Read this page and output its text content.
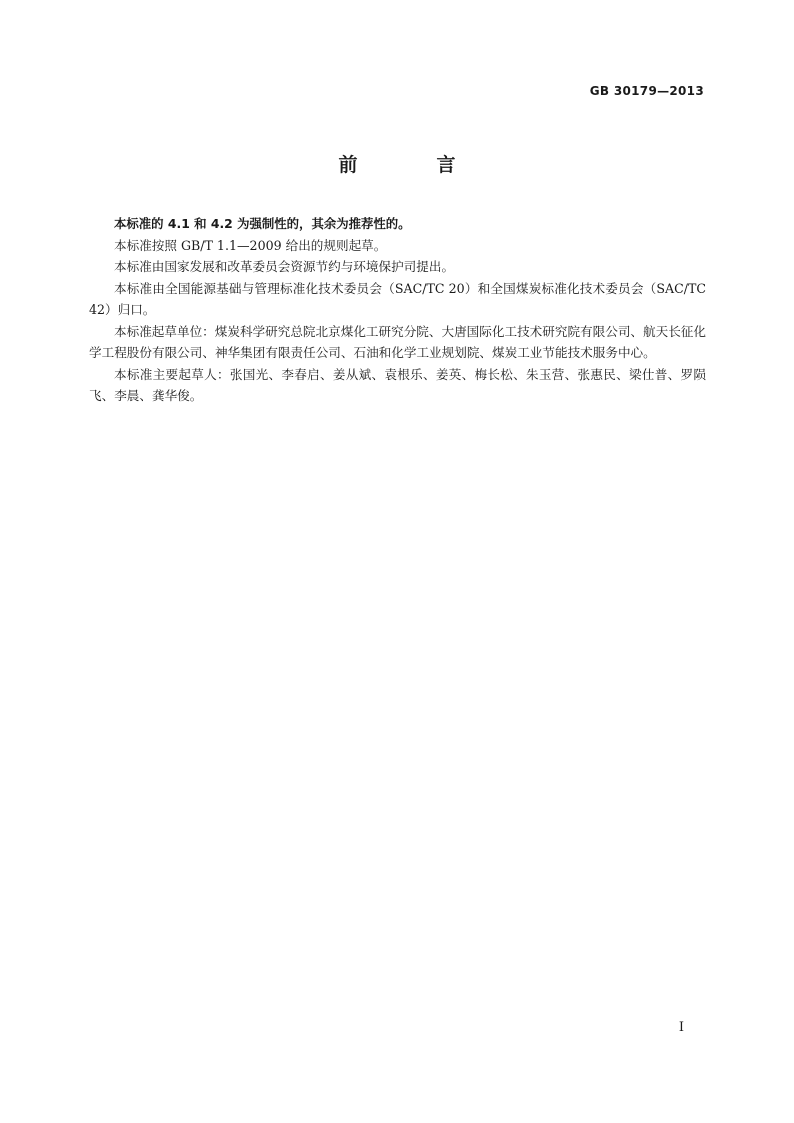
GB 30179—2013
前　言

本标准的 4.1 和 4.2 为强制性的，其余为推荐性的。

本标准按照 GB/T 1.1—2009 给出的规则起草。

本标准由国家发展和改革委员会资源节约与环境保护司提出。

本标准由全国能源基础与管理标准化技术委员会（SAC/TC 20）和全国煤炭标准化技术委员会（SAC/TC 42）归口。

本标准起草单位：煤炭科学研究总院北京煤化工研究分院、大唐国际化工技术研究院有限公司、航天长征化学工程股份有限公司、神华集团有限责任公司、石油和化学工业规划院、煤炭工业节能技术服务中心。

本标准主要起草人：张国光、李春启、姜从斌、袁根乐、姜英、梅长松、朱玉营、张惠民、梁仕普、罗陨飞、李晨、龚华俊。

I
